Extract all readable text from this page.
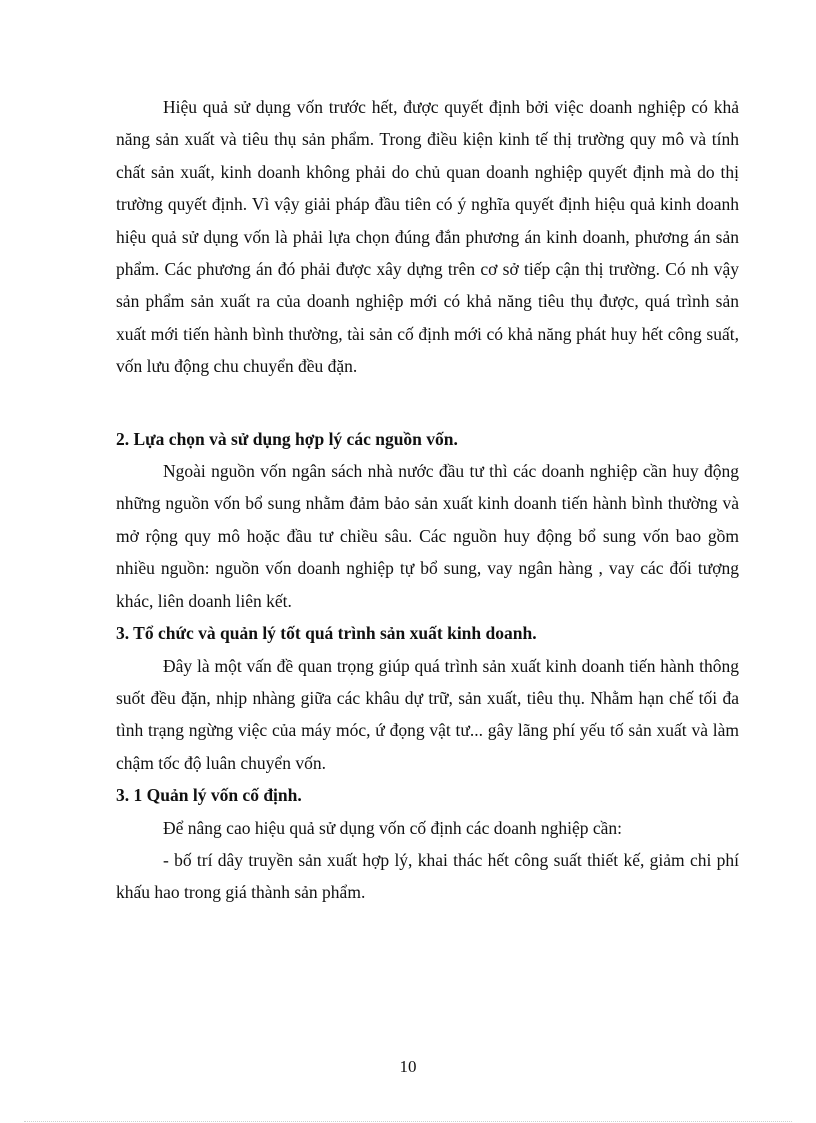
Hiệu quả sử dụng vốn trước hết, được quyết định bởi việc doanh nghiệp có khả năng sản xuất và tiêu thụ sản phẩm. Trong điều kiện kinh tế thị trường quy mô và tính chất sản xuất, kinh doanh không phải do chủ quan doanh nghiệp quyết định mà do thị trường quyết định. Vì vậy giải pháp đầu tiên có ý nghĩa quyết định hiệu quả kinh doanh hiệu quả sử dụng vốn là phải lựa chọn đúng đắn phương án kinh doanh, phương án sản phẩm. Các phương án đó phải được xây dựng trên cơ sở tiếp cận thị trường. Có nh vậy sản phẩm sản xuất ra của doanh nghiệp mới có khả năng tiêu thụ được, quá trình sản xuất mới tiến hành bình thường, tài sản cố định mới có khả năng phát huy hết công suất, vốn lưu động chu chuyển đều đặn.

2. Lựa chọn và sử dụng hợp lý các nguồn vốn.

Ngoài nguồn vốn ngân sách nhà nước đầu tư thì các doanh nghiệp cần huy động những nguồn vốn bổ sung nhằm đảm bảo sản xuất kinh doanh tiến hành bình thường và mở rộng quy mô hoặc đầu tư chiều sâu. Các nguồn huy động bổ sung vốn bao gồm nhiều nguồn: nguồn vốn doanh nghiệp tự bổ sung, vay ngân hàng , vay các đối tượng khác, liên doanh liên kết.

3. Tổ chức và quản lý tốt quá trình sản xuất kinh doanh.

Đây là một vấn đề quan trọng giúp quá trình sản xuất kinh doanh tiến hành thông suốt đều đặn, nhịp nhàng giữa các khâu dự trữ, sản xuất, tiêu thụ. Nhằm hạn chế tối đa tình trạng ngừng việc của máy móc, ứ đọng vật tư... gây lãng phí yếu tố sản xuất và làm chậm tốc độ luân chuyển vốn.

3. 1 Quản lý vốn cố định.

Để nâng cao hiệu quả sử dụng vốn cố định các doanh nghiệp cần:

- bố trí dây truyền sản xuất hợp lý, khai thác hết công suất thiết kế, giảm chi phí khấu hao trong giá thành sản phẩm.

10
